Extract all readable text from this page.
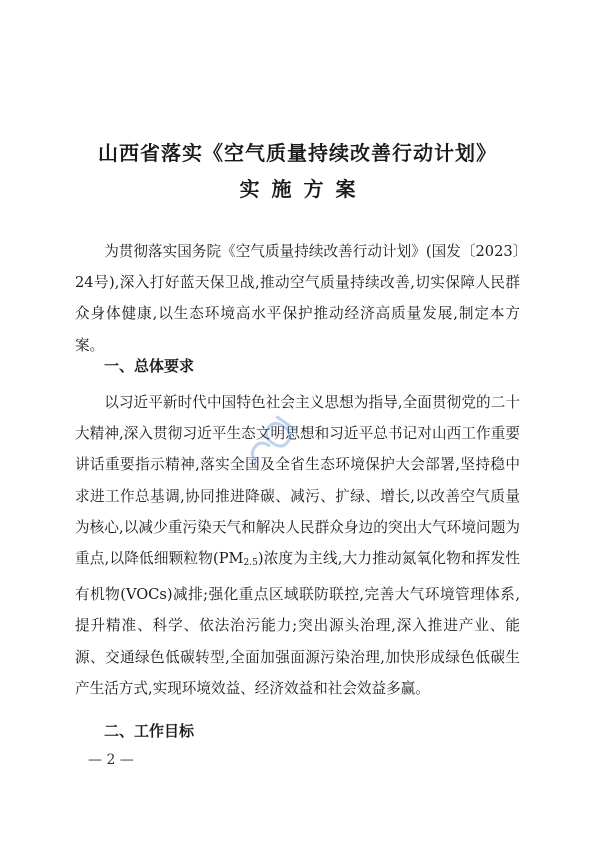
山西省落实《空气质量持续改善行动计划》
实施方案

为贯彻落实国务院《空气质量持续改善行动计划》(国发〔2023〕24号),深入打好蓝天保卫战,推动空气质量持续改善,切实保障人民群众身体健康,以生态环境高水平保护推动经济高质量发展,制定本方案。

一、总体要求

以习近平新时代中国特色社会主义思想为指导,全面贯彻党的二十大精神,深入贯彻习近平生态文明思想和习近平总书记对山西工作重要讲话重要指示精神,落实全国及全省生态环境保护大会部署,坚持稳中求进工作总基调,协同推进降碳、减污、扩绿、增长,以改善空气质量为核心,以减少重污染天气和解决人民群众身边的突出大气环境问题为重点,以降低细颗粒物$(PM_{2.5})$浓度为主线,大力推动氮氧化物和挥发性有机物(VOCs)减排;强化重点区域联防联控,完善大气环境管理体系,提升精准、科学、依法治污能力;突出源头治理,深入推进产业、能源、交通绿色低碳转型,全面加强面源污染治理,加快形成绿色低碳生产生活方式,实现环境效益、经济效益和社会效益多赢。

二、工作目标
— 2 —
